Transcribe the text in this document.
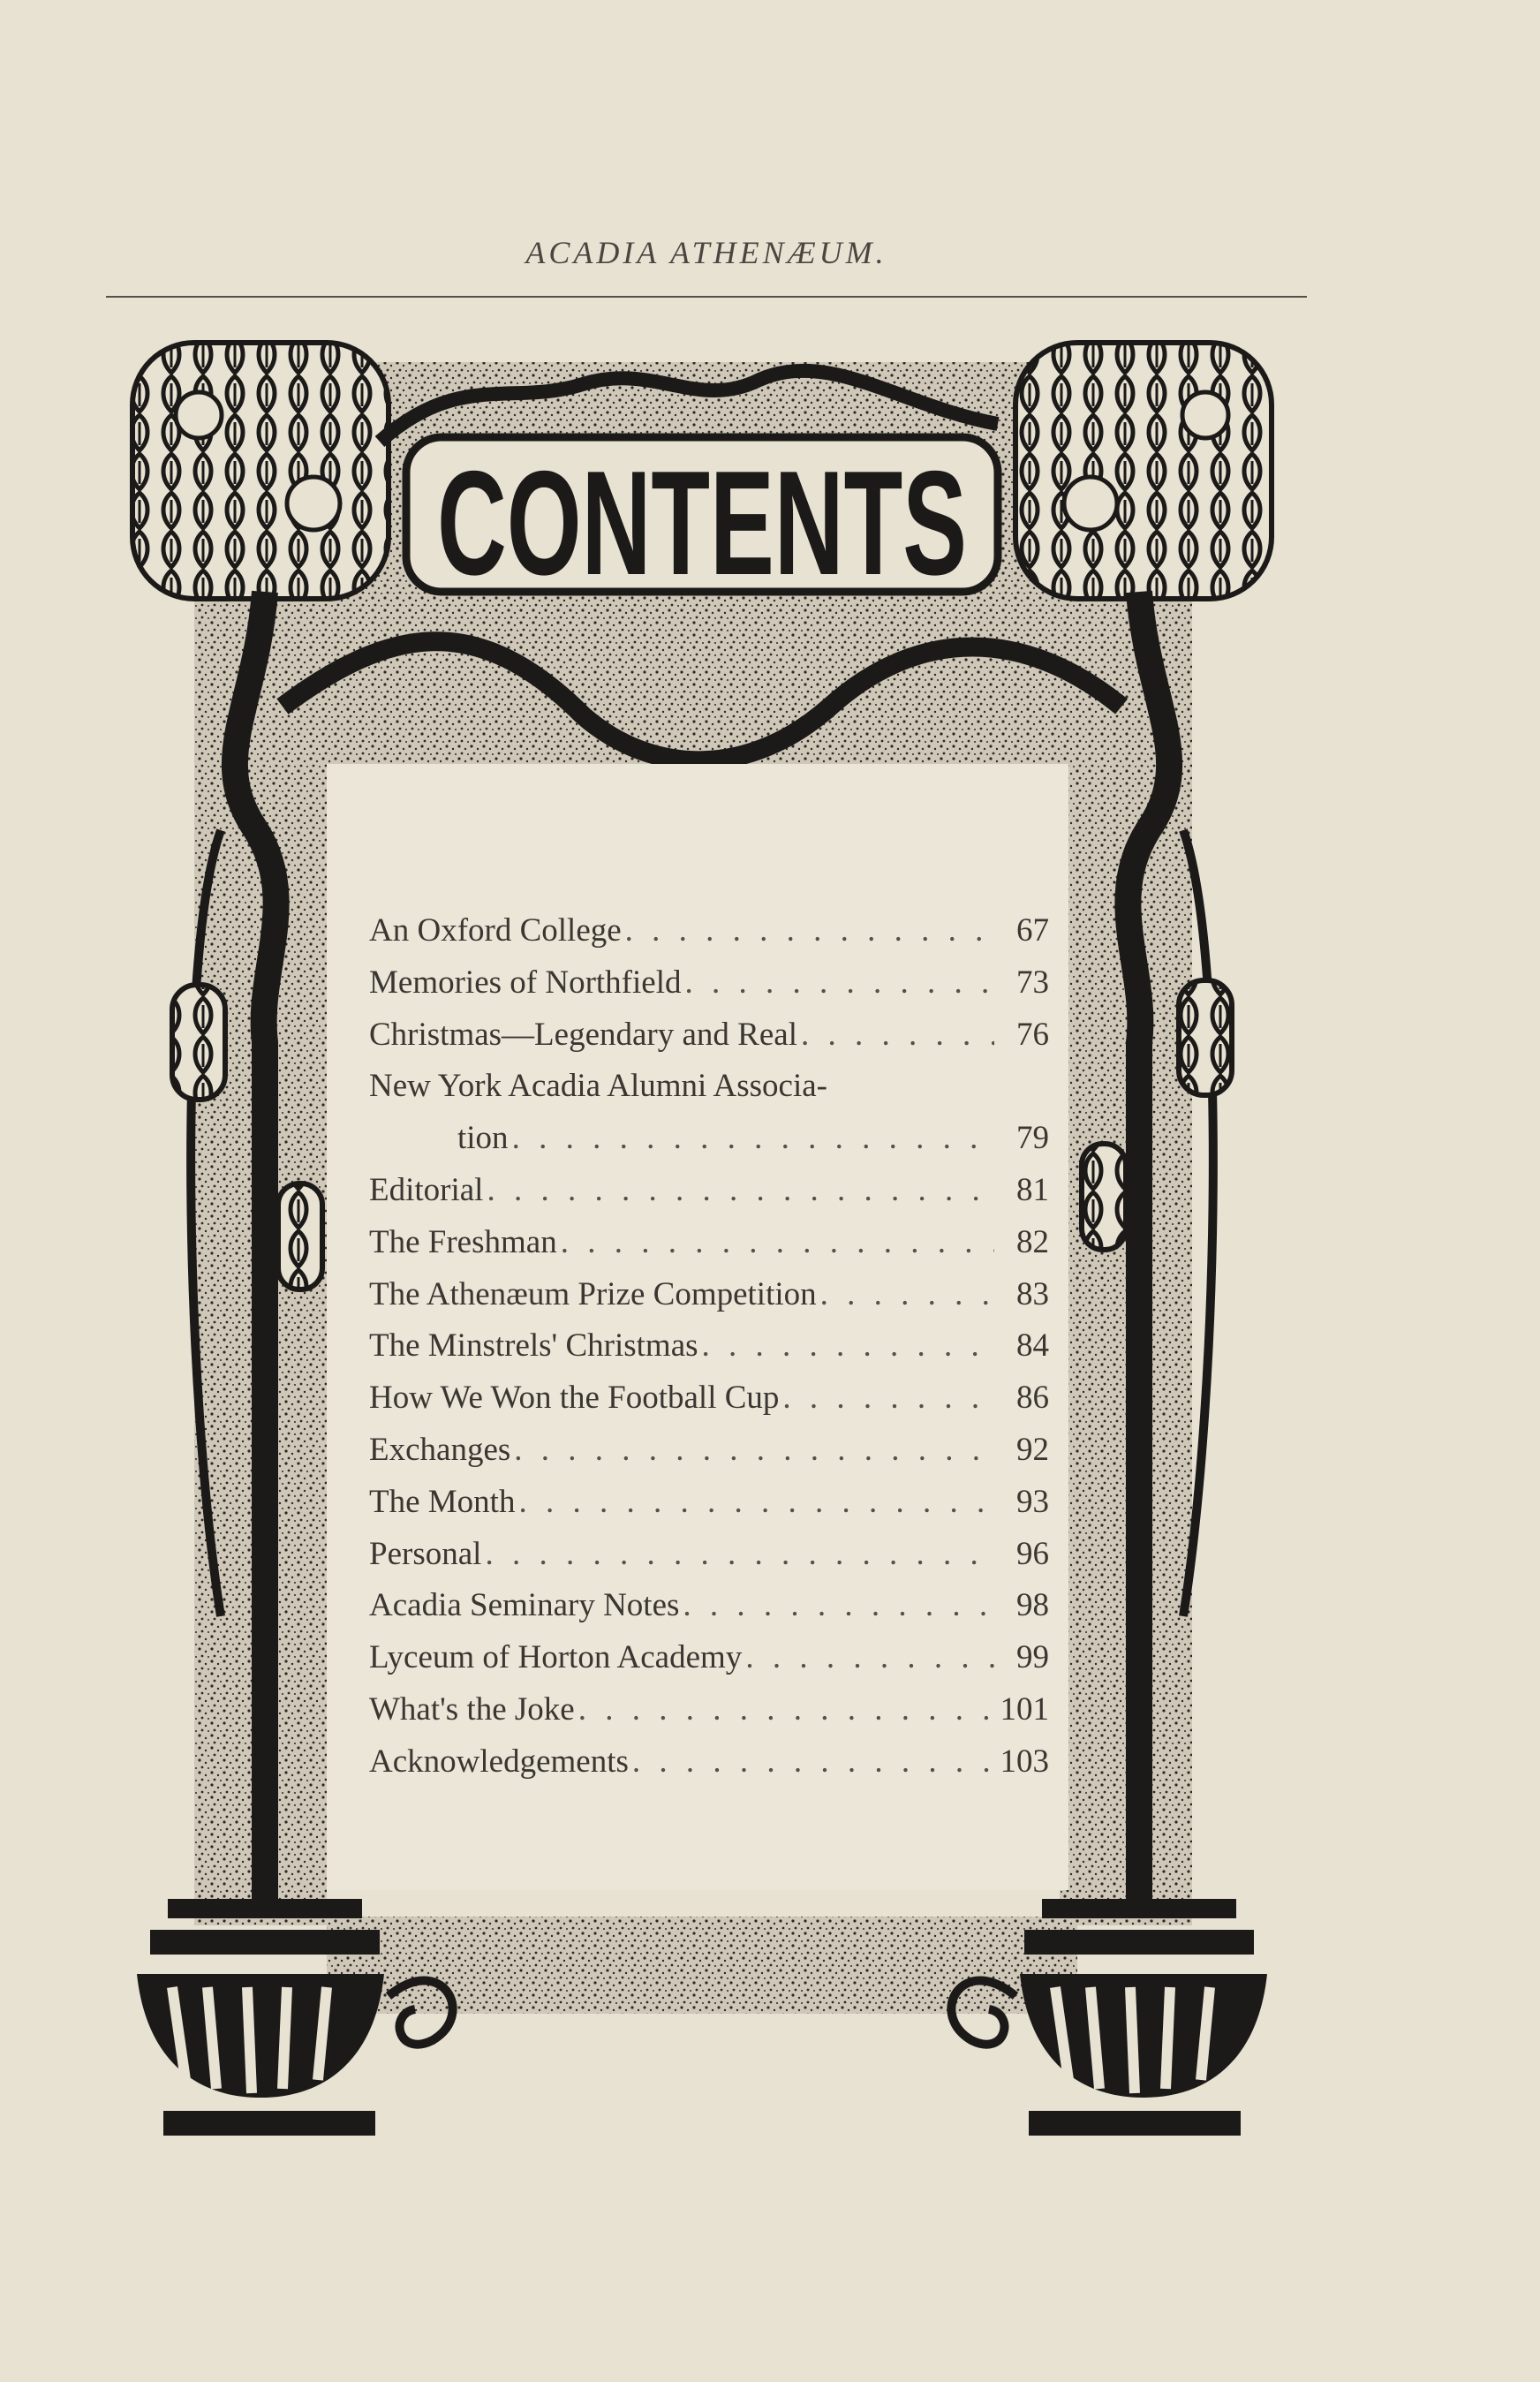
ACADIA ATHENÆUM.
CONTENTS
An Oxford College . . .	67
Memories of Northfield . . .	73
Christmas—Legendary and Real . . .	76
New York Acadia Alumni Associa-
tion . . .	79
Editorial . . .	81
The Freshman . . .	82
The Athenæum Prize Competition . . .	83
The Minstrels' Christmas . . .	84
How We Won the Football Cup . . .	86
Exchanges . . .	92
The Month . . .	93
Personal . . .	96
Acadia Seminary Notes . . .	98
Lyceum of Horton Academy . . .	99
What's the Joke . . .	101
Acknowledgements . . .	103
